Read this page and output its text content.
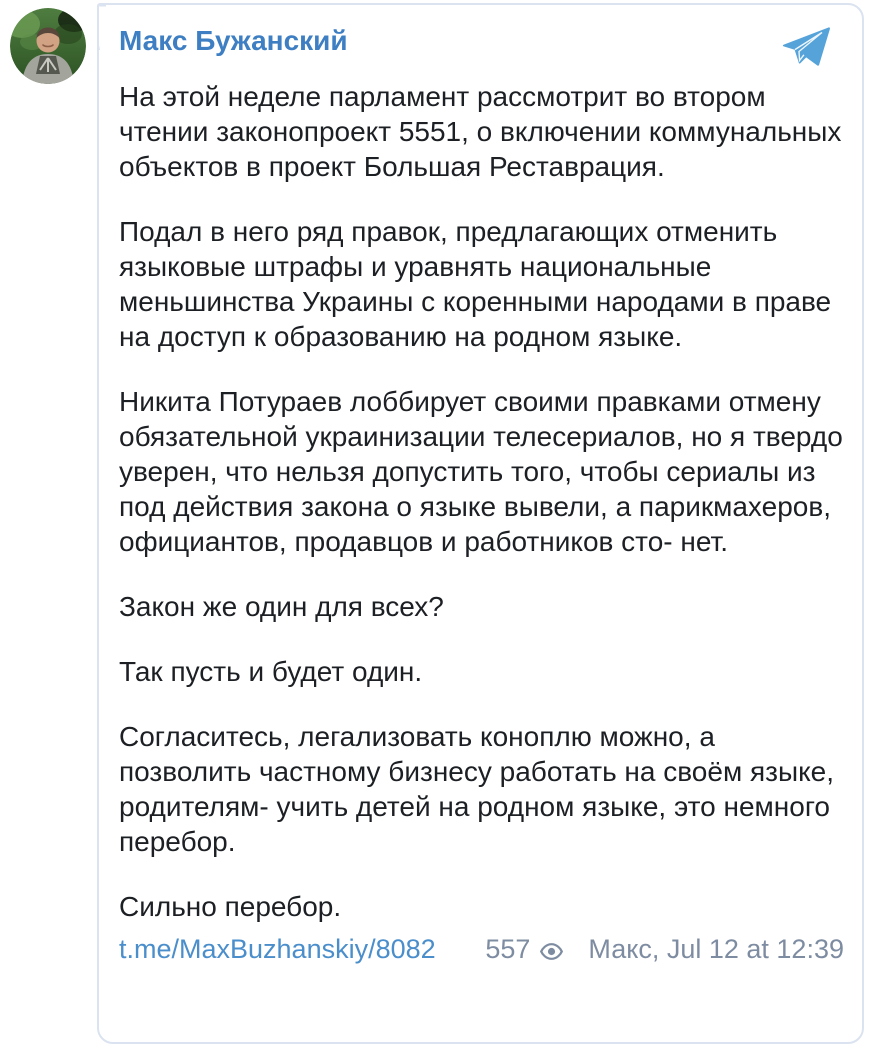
Макс Бужанский

На этой неделе парламент рассмотрит во втором чтении законопроект 5551, о включении коммунальных объектов в проект Большая Реставрация.

Подал в него ряд правок, предлагающих отменить языковые штрафы и уравнять национальные меньшинства Украины с коренными народами в праве на доступ к образованию на родном языке.

Никита Потураев лоббирует своими правками отмену обязательной украинизации телесериалов, но я твердо уверен, что нельзя допустить того, чтобы сериалы из под действия закона о языке вывели, а парикмахеров, официантов, продавцов и работников сто- нет.

Закон же один для всех?

Так пусть и будет один.

Согласитесь, легализовать коноплю можно, а позволить частному бизнесу работать на своём языке, родителям- учить детей на родном языке, это немного перебор.

Сильно перебор.

t.me/MaxBuzhanskiy/8082 557 Макс, Jul 12 at 12:39
